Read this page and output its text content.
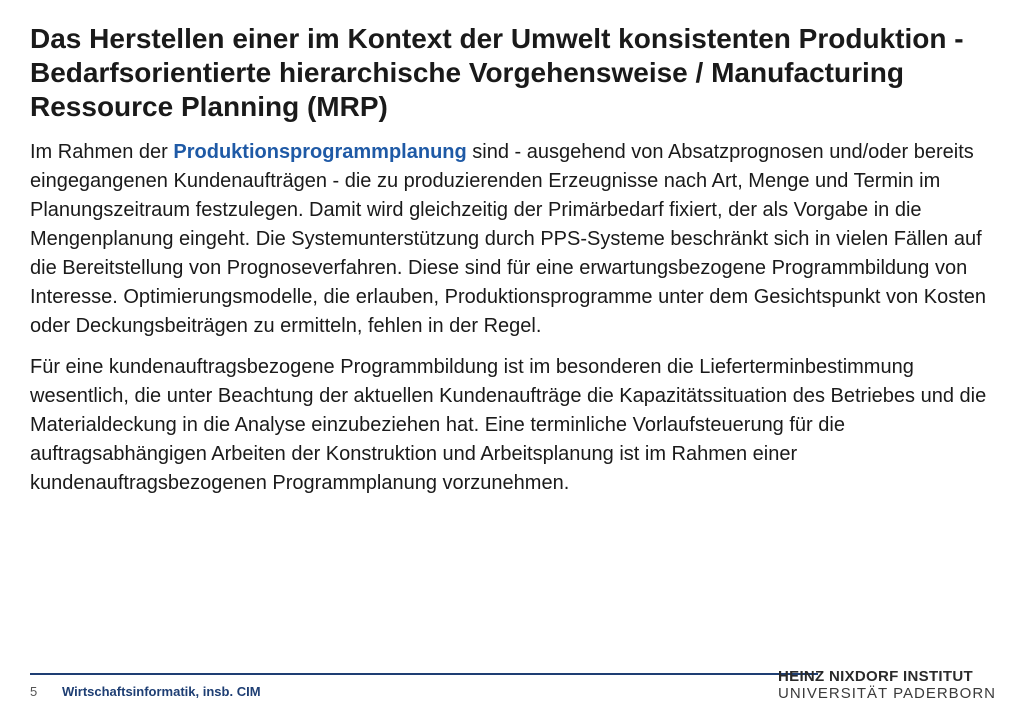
Das Herstellen einer im Kontext der Umwelt konsistenten Produktion - Bedarfsorientierte hierarchische Vorgehensweise / Manufacturing Ressource Planning (MRP)

Im Rahmen der Produktionsprogrammplanung sind - ausgehend von Absatzprognosen und/oder bereits eingegangenen Kundenaufträgen - die zu produzierenden Erzeugnisse nach Art, Menge und Termin im Planungszeitraum festzulegen. Damit wird gleichzeitig der Primärbedarf fixiert, der als Vorgabe in die Mengenplanung eingeht. Die Systemunterstützung durch PPS-Systeme beschränkt sich in vielen Fällen auf die Bereitstellung von Prognoseverfahren. Diese sind für eine erwartungsbezogene Programmbildung von Interesse. Optimierungsmodelle, die erlauben, Produktionsprogramme unter dem Gesichtspunkt von Kosten oder Deckungsbeiträgen zu ermitteln, fehlen in der Regel.

Für eine kundenauftragsbezogene Programmbildung ist im besonderen die Lieferterminbestimmung wesentlich, die unter Beachtung der aktuellen Kundenaufträge die Kapazitätssituation des Betriebes und die Materialdeckung in die Analyse einzubeziehen hat. Eine terminliche Vorlaufsteuerung für die auftragsabhängigen Arbeiten der Konstruktion und Arbeitsplanung ist im Rahmen einer kundenauftragsbezogenen Programmplanung vorzunehmen.

5 Wirtschaftsinformatik, insb. CIM
HEINZ NIXDORF INSTITUT
UNIVERSITÄT PADERBORN
